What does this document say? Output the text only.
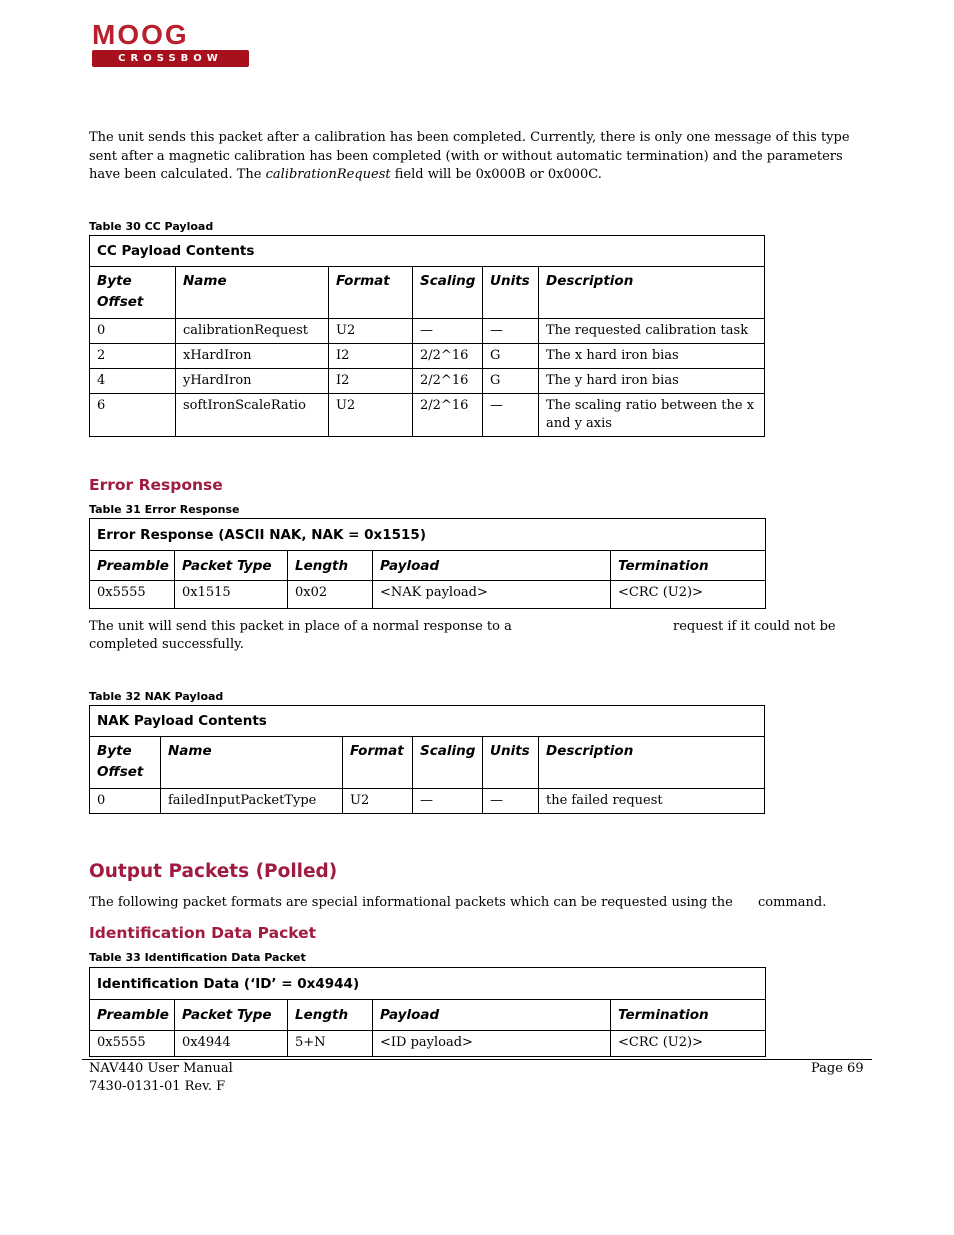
MOOG
CROSSBOW

The unit sends this packet after a calibration has been completed. Currently, there is only one message of this type sent after a magnetic calibration has been completed (with or without automatic termination) and the parameters have been calculated. The calibrationRequest field will be 0x000B or 0x000C.

Table 30 CC Payload
CC Payload Contents					
Byte Offset	Name	Format	Scaling	Units	Description
0	calibrationRequest	U2	—	—	The requested calibration task
2	xHardIron	I2	2/2^16	G	The x hard iron bias
4	yHardIron	I2	2/2^16	G	The y hard iron bias
6	softIronScaleRatio	U2	2/2^16	—	The scaling ratio between the x and y axis
Error Response
Table 31 Error Response
Error Response (ASCII NAK, NAK = 0x1515)				
Preamble	Packet Type	Length	Payload	Termination
0x5555	0x1515	0x02	<NAK payload>	<CRC (U2)>

The unit will send this packet in place of a normal response to a	request if it could not be

completed successfully.

Table 32 NAK Payload
NAK Payload Contents					
Byte Offset	Name	Format	Scaling	Units	Description
0	failedInputPacketType	U2	—	—	the failed request
Output Packets (Polled)

The following packet formats are special informational packets which can be requested using the command.

Identification Data Packet
Table 33 Identification Data Packet
Identification Data (‘ID’ = 0x4944)				
Preamble	Packet Type	Length	Payload	Termination
0x5555	0x4944	5+N	<ID payload>	<CRC (U2)>
NAV440 User Manual
7430-0131-01 Rev. F
Page 69
